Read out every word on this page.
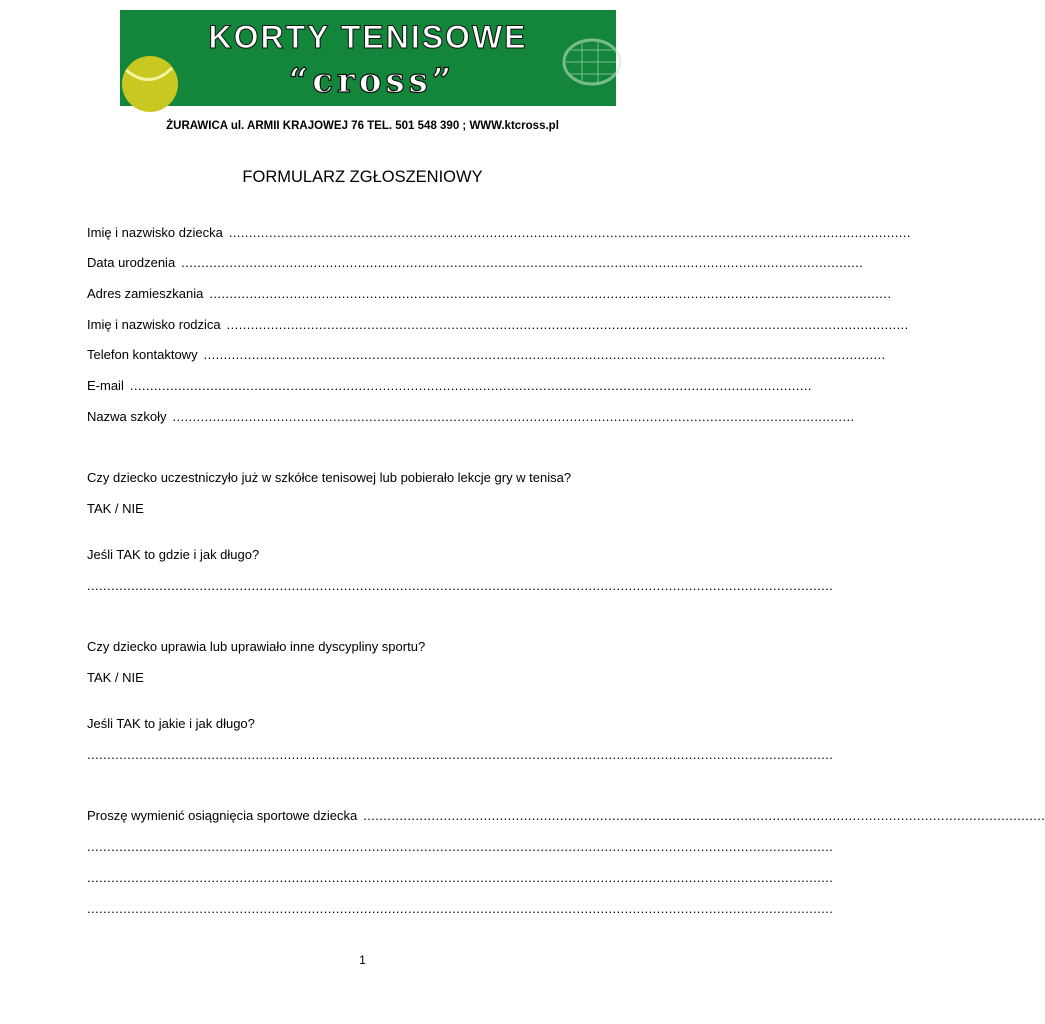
KORTY TENISOWE
“cross”
ŻURAWICA ul. ARMII KRAJOWEJ 76 TEL. 501 548 390 ; WWW.ktcross.pl
FORMULARZ ZGŁOSZENIOWY
Imię i nazwisko dziecka ..........................................................................................................................................................................
Data urodzenia ..........................................................................................................................................................................
Adres zamieszkania ..........................................................................................................................................................................
Imię i nazwisko rodzica ..........................................................................................................................................................................
Telefon kontaktowy ..........................................................................................................................................................................
E-mail ..........................................................................................................................................................................
Nazwa szkoły ..........................................................................................................................................................................
Czy dziecko uczestniczyło już w szkółce tenisowej lub pobierało lekcje gry w tenisa?
TAK / NIE
Jeśli TAK to gdzie i jak długo?
..........................................................................................................................................................................................
Czy dziecko uprawia lub uprawiało inne dyscypliny sportu?
TAK / NIE
Jeśli TAK to jakie i jak długo?
..........................................................................................................................................................................................
Proszę wymienić osiągnięcia sportowe dziecka ..........................................................................................................................................................................
..........................................................................................................................................................................................
..........................................................................................................................................................................................
..........................................................................................................................................................................................
1
